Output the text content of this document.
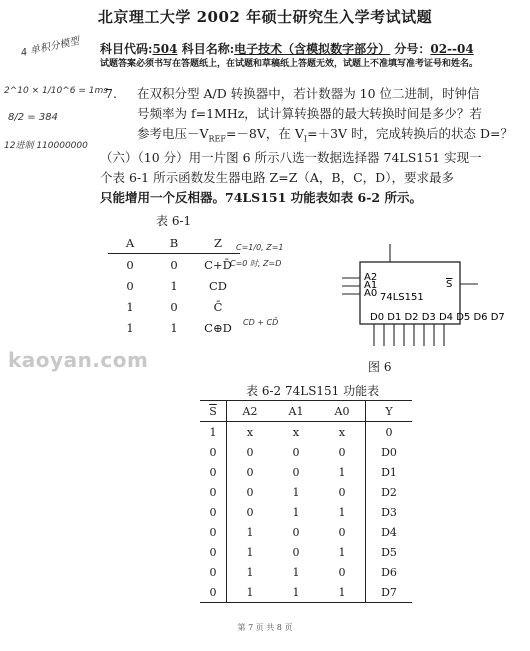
北京理工大学 2002 年硕士研究生入学考试试题
科目代码:504 科目名称:电子技术（含模拟数字部分） 分号：02--04
试题答案必须书写在答题纸上，在试题和草稿纸上答题无效，试题上不准填写准考证号和姓名。
4 单积分模型
2^10 × 1/10^6 = 1ms
8/2 = 384
12进制 110000000
C=1/0, Z=1
C=0 时, Z=D
CD + CD̄
7. 在双积分型 A/D 转换器中，若计数器为 10 位二进制，时钟信
号频率为 f=1MHz，试计算转换器的最大转换时间是多少？若
参考电压$-V_{REF}=-8V$，在 $V_I=+3V$ 时，完成转换后的状态 D=？
（六）（10 分）用一片图 6 所示八选一数据选择器 74LS151 实现一
个表 6-1 所示函数发生器电路 Z=Z（A，B，C，D），要求最多
只能增用一个反相器。74LS151 功能表如表 6-2 所示。
表 6-1
A	B	Z
0	0	C+D̄
0	1	CD
1	0	C̄
1	1	C⊕D
A2
A1
A0
S
74LS151
D0 D1 D2 D3 D4 D5 D6 D7
图 6
kaoyan.com
表 6-2 74LS151 功能表
$\overline{S}$	A2	A1	A0	Y
1	x	x	x	0
0	0	0	0	D0
0	0	0	1	D1
0	0	1	0	D2
0	0	1	1	D3
0	1	0	0	D4
0	1	0	1	D5
0	1	1	0	D6
0	1	1	1	D7
第 7 页 共 8 页
